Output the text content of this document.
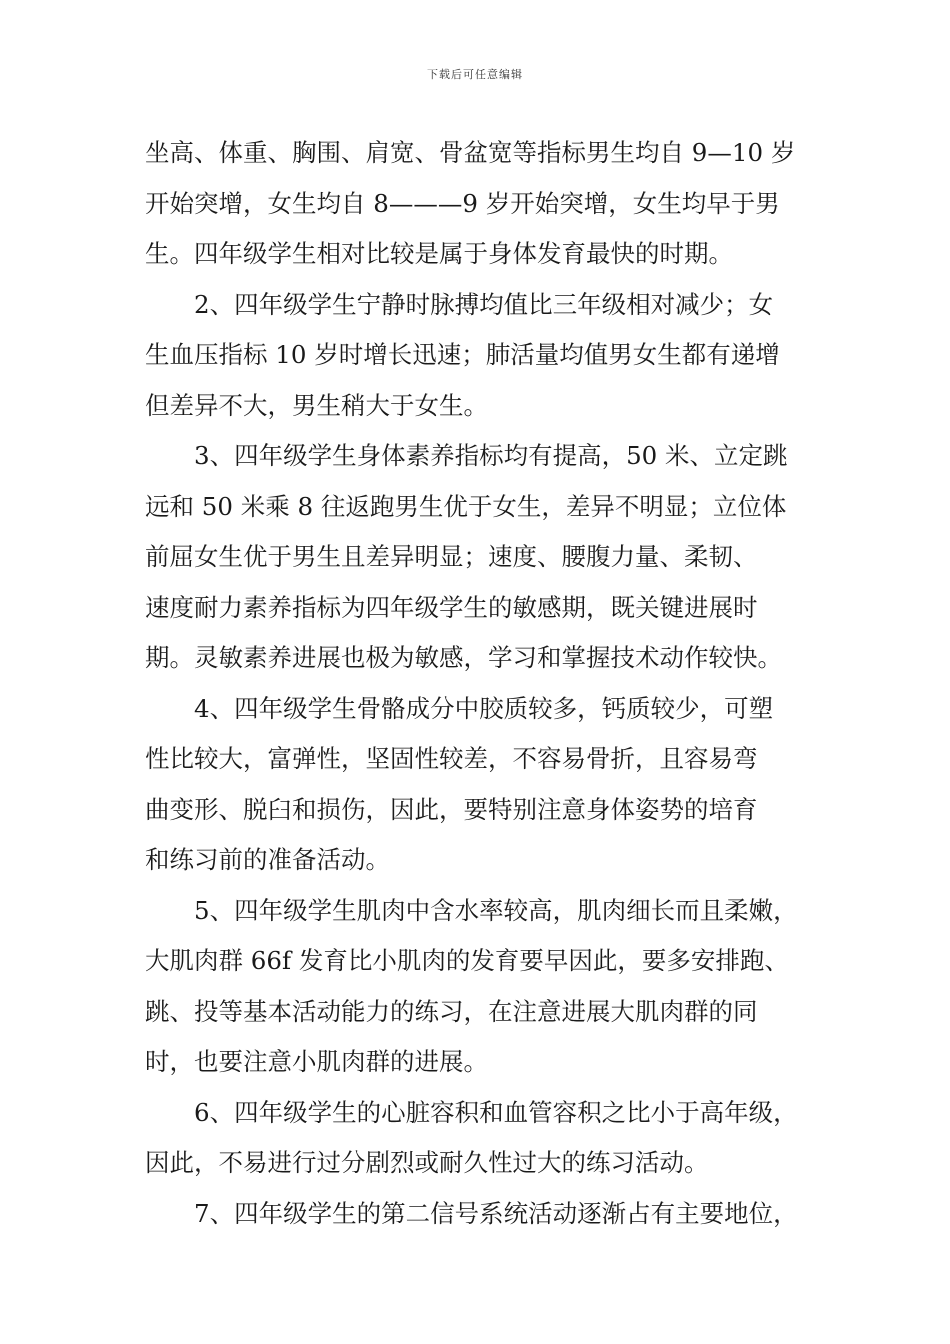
下载后可任意编辑
坐高、体重、胸围、肩宽、骨盆宽等指标男生均自 9—10 岁
开始突增，女生均自 8———9 岁开始突增，女生均早于男
生。四年级学生相对比较是属于身体发育最快的时期。
2、四年级学生宁静时脉搏均值比三年级相对减少；女
生血压指标 10 岁时增长迅速；肺活量均值男女生都有递增
但差异不大，男生稍大于女生。
3、四年级学生身体素养指标均有提高，50 米、立定跳
远和 50 米乘 8 往返跑男生优于女生，差异不明显；立位体
前屈女生优于男生且差异明显；速度、腰腹力量、柔韧、
速度耐力素养指标为四年级学生的敏感期，既关键进展时
期。灵敏素养进展也极为敏感，学习和掌握技术动作较快。
4、四年级学生骨骼成分中胶质较多，钙质较少，可塑
性比较大，富弹性，坚固性较差，不容易骨折，且容易弯
曲变形、脱臼和损伤，因此，要特别注意身体姿势的培育
和练习前的准备活动。
5、四年级学生肌肉中含水率较高，肌肉细长而且柔嫩，
大肌肉群 66f 发育比小肌肉的发育要早因此，要多安排跑、
跳、投等基本活动能力的练习，在注意进展大肌肉群的同
时，也要注意小肌肉群的进展。
6、四年级学生的心脏容积和血管容积之比小于高年级，
因此，不易进行过分剧烈或耐久性过大的练习活动。
7、四年级学生的第二信号系统活动逐渐占有主要地位，
